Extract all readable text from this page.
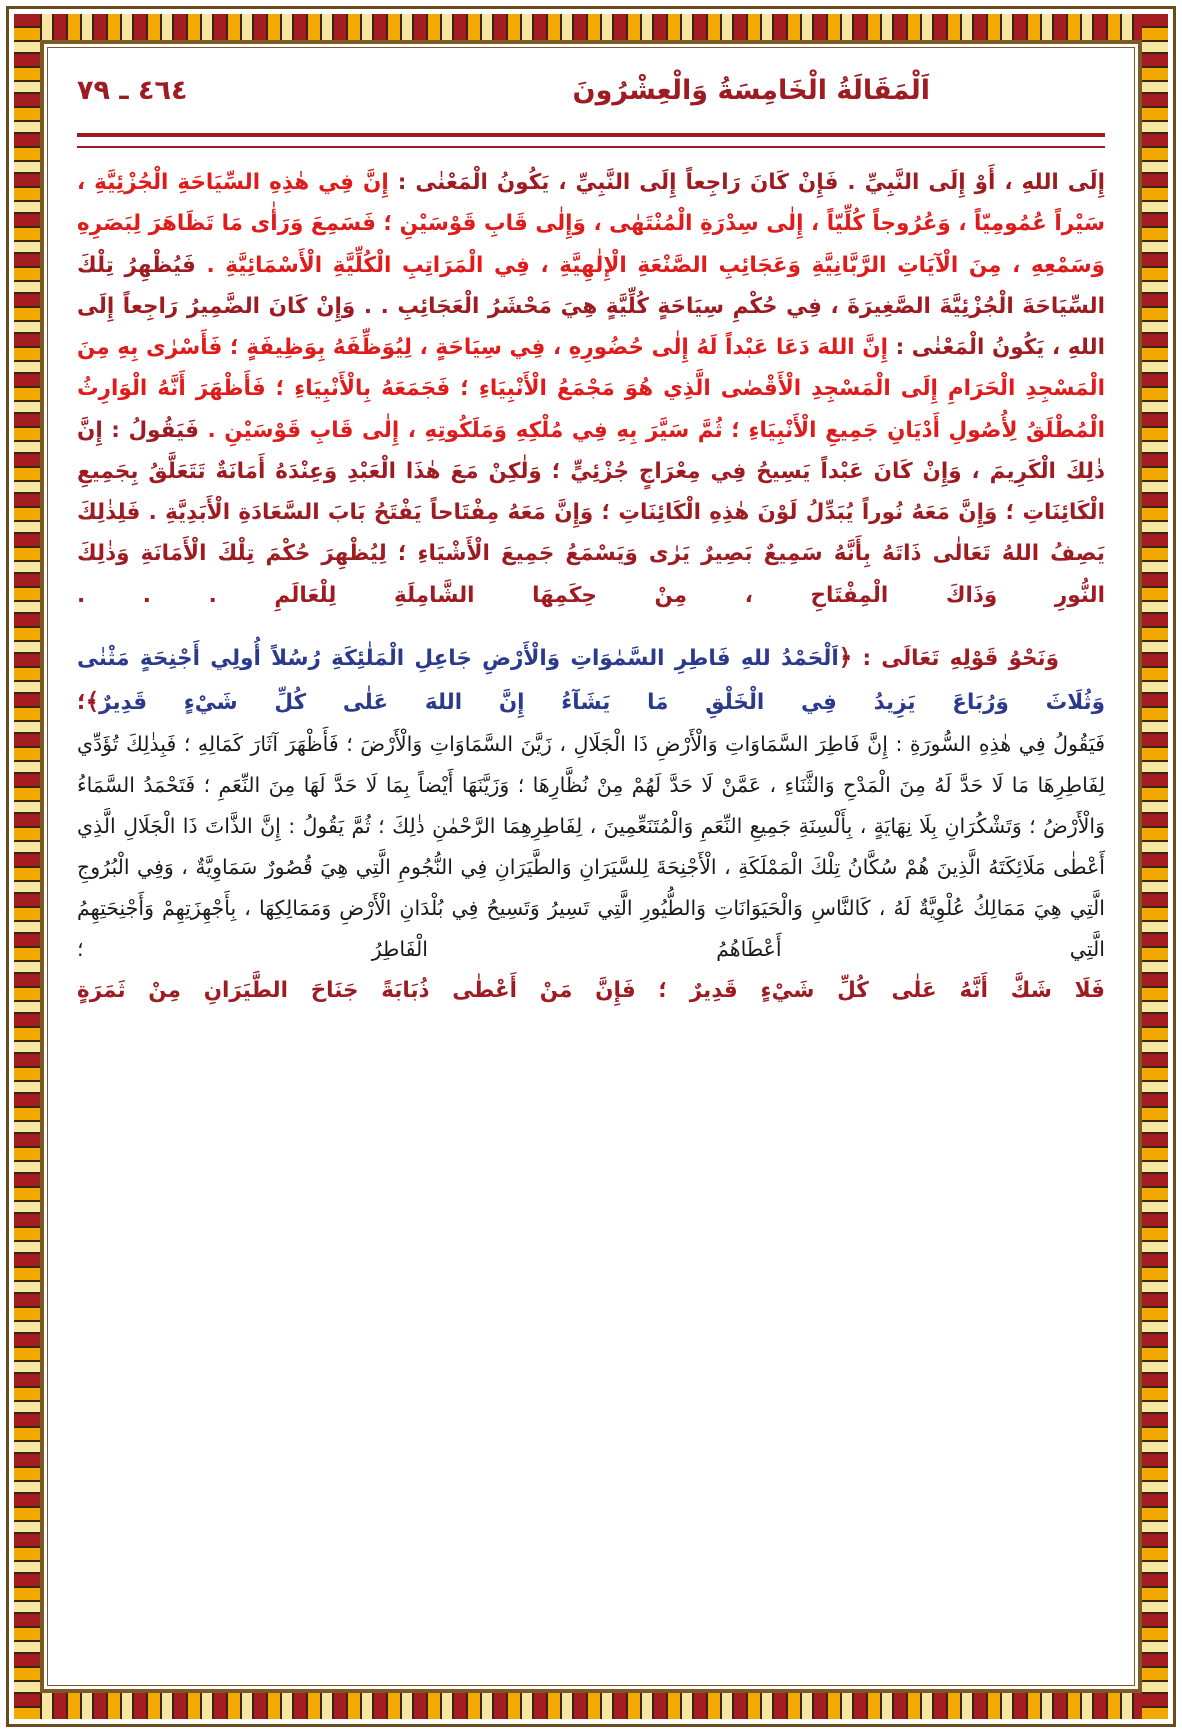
اَلْمَقَالَةُ الْخَامِسَةُ وَالْعِشْرُونَ
٤٦٤ ـ ٧٩

إِلَى اللهِ ، أَوْ إِلَى النَّبِيِّ . فَإِنْ كَانَ رَاجِعاً إِلَى النَّبِيِّ ، يَكُونُ الْمَعْنٰى : إِنَّ فِي هٰذِهِ السِّيَاحَةِ الْجُزْئِيَّةِ ، سَيْراً عُمُومِيّاً ، وَعُرُوجاً كُلِّيّاً ، إِلٰى سِدْرَةِ الْمُنْتَهٰى ، وَإِلٰى قَابِ قَوْسَيْنِ ؛ فَسَمِعَ وَرَأٰى مَا تَظَاهَرَ لِبَصَرِهِ وَسَمْعِهِ ، مِنَ الْآيَاتِ الرَّبَّانِيَّةِ وَعَجَائِبِ الصَّنْعَةِ الْإِلٰهِيَّةِ ، فِي الْمَرَاتِبِ الْكُلِّيَّةِ الْأَسْمَائِيَّةِ . فَيُظْهِرُ تِلْكَ السِّيَاحَةَ الْجُزْئِيَّةَ الصَّغِيرَةَ ، فِي حُكْمِ سِيَاحَةٍ كُلِّيَّةٍ هِيَ مَحْشَرُ الْعَجَائِبِ . . وَإِنْ كَانَ الضَّمِيرُ رَاجِعاً إِلَى اللهِ ، يَكُونُ الْمَعْنٰى : إِنَّ اللهَ دَعَا عَبْداً لَهُ إِلٰى حُضُورِهِ ، فِي سِيَاحَةٍ ، لِيُوَظِّفَهُ بِوَظِيفَةٍ ؛ فَأَسْرٰى بِهِ مِنَ الْمَسْجِدِ الْحَرَامِ إِلَى الْمَسْجِدِ الْأَقْصٰى الَّذِي هُوَ مَجْمَعُ الْأَنْبِيَاءِ ؛ فَجَمَعَهُ بِالْأَنْبِيَاءِ ؛ فَأَظْهَرَ أَنَّهُ الْوَارِثُ الْمُطْلَقُ لِأُصُولِ أَدْيَانِ جَمِيعِ الْأَنْبِيَاءِ ؛ ثُمَّ سَيَّرَ بِهِ فِي مُلْكِهِ وَمَلَكُوتِهِ ، إِلٰى قَابِ قَوْسَيْنِ . فَيَقُولُ : إِنَّ ذٰلِكَ الْكَرِيمَ ، وَإِنْ كَانَ عَبْداً يَسِيحُ فِي مِعْرَاجٍ جُزْئِيٍّ ؛ وَلٰكِنْ مَعَ هٰذَا الْعَبْدِ وَعِنْدَهُ أَمَانَةٌ تَتَعَلَّقُ بِجَمِيعِ الْكَائِنَاتِ ؛ وَإِنَّ مَعَهُ نُوراً يُبَدِّلُ لَوْنَ هٰذِهِ الْكَائِنَاتِ ؛ وَإِنَّ مَعَهُ مِفْتَاحاً يَفْتَحُ بَابَ السَّعَادَةِ الْأَبَدِيَّةِ . فَلِذٰلِكَ يَصِفُ اللهُ تَعَالٰى ذَاتَهُ بِأَنَّهُ سَمِيعٌ بَصِيرٌ يَرٰى وَيَسْمَعُ جَمِيعَ الْأَشْيَاءِ ؛ لِيُظْهِرَ حُكْمَ تِلْكَ الْأَمَانَةِ وَذٰلِكَ النُّورِ وَذَاكَ الْمِفْتَاحِ ، مِنْ حِكَمِهَا الشَّامِلَةِ لِلْعَالَمِ . . .

وَنَحْوُ قَوْلِهِ تَعَالَى : ﴿اَلْحَمْدُ للهِ فَاطِرِ السَّمٰوَاتِ وَالْأَرْضِ جَاعِلِ الْمَلٰئِكَةِ رُسُلاً أُولِي أَجْنِحَةٍ مَثْنٰى وَثُلَاثَ وَرُبَاعَ يَزِيدُ فِي الْخَلْقِ مَا يَشَآءُ إِنَّ اللهَ عَلٰى كُلِّ شَيْءٍ قَدِيرٌ﴾؛

فَيَقُولُ فِي هٰذِهِ السُّورَةِ : إِنَّ فَاطِرَ السَّمَاوَاتِ وَالْأَرْضِ ذَا الْجَلَالِ ، زَيَّنَ السَّمَاوَاتِ وَالْأَرْضَ ؛ فَأَظْهَرَ آثَارَ كَمَالِهِ ؛ فَبِذٰلِكَ تُؤَدِّي لِفَاطِرِهَا مَا لَا حَدَّ لَهُ مِنَ الْمَدْحِ وَالثَّنَاءِ ، عَمَّنْ لَا حَدَّ لَهُمْ مِنْ نُظَّارِهَا ؛ وَزَيَّنَهَا أَيْضاً بِمَا لَا حَدَّ لَهَا مِنَ النِّعَمِ ؛ فَتَحْمَدُ السَّمَاءُ وَالْأَرْضُ ؛ وَتَشْكُرَانِ بِلَا نِهَايَةٍ ، بِأَلْسِنَةِ جَمِيعِ النِّعَمِ وَالْمُتَنَعِّمِينَ ، لِفَاطِرِهِمَا الرَّحْمٰنِ ذٰلِكَ ؛ ثُمَّ يَقُولُ : إِنَّ الذَّاتَ ذَا الْجَلَالِ الَّذِي أَعْطٰى مَلَائِكَتَهُ الَّذِينَ هُمْ سُكَّانُ تِلْكَ الْمَمْلَكَةِ ، الْأَجْنِحَةَ لِلسَّيَرَانِ وَالطَّيَرَانِ فِي النُّجُومِ الَّتِي هِيَ قُصُورٌ سَمَاوِيَّةٌ ، وَفِي الْبُرُوجِ الَّتِي هِيَ مَمَالِكُ عُلْوِيَّةٌ لَهُ ، كَالنَّاسِ وَالْحَيَوَانَاتِ وَالطُّيُورِ الَّتِي تَسِيرُ وَتَسِيحُ فِي بُلْدَانِ الْأَرْضِ وَمَمَالِكِهَا ، بِأَجْهِزَتِهِمْ وَأَجْنِحَتِهِمُ الَّتِي أَعْطَاهُمُ الْفَاطِرُ ؛

فَلَا شَكَّ أَنَّهُ عَلٰى كُلِّ شَيْءٍ قَدِيرٌ ؛ فَإِنَّ مَنْ أَعْطٰى ذُبَابَةً جَنَاحَ الطَّيَرَانِ مِنْ ثَمَرَةٍ
